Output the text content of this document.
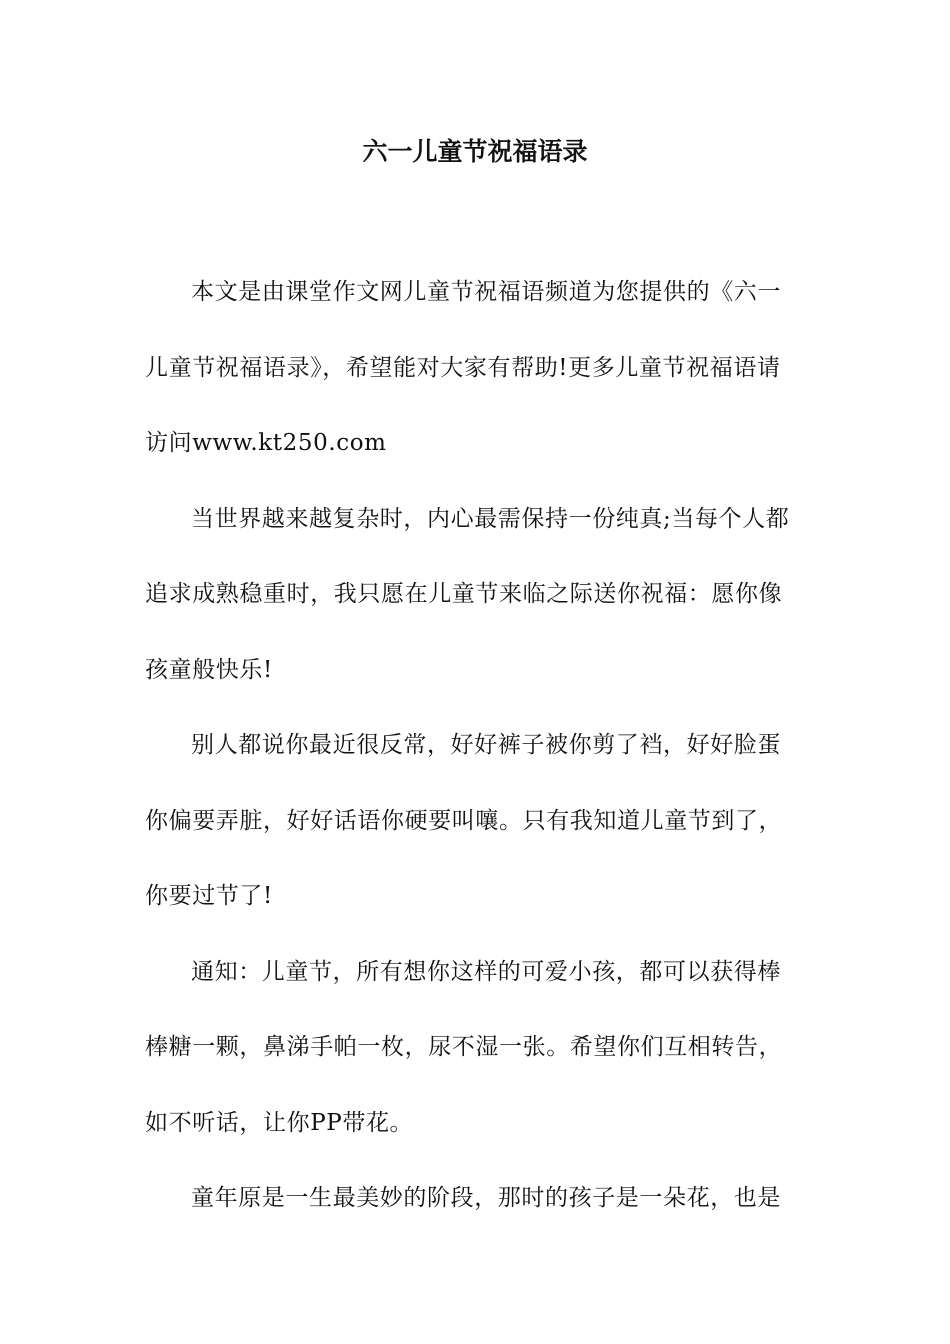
六一儿童节祝福语录

本文是由课堂作文网儿童节祝福语频道为您提供的《六一
儿童节祝福语录》，希望能对大家有帮助!更多儿童节祝福语请
访问www.kt250.com

当世界越来越复杂时，内心最需保持一份纯真;当每个人都
追求成熟稳重时，我只愿在儿童节来临之际送你祝福：愿你像
孩童般快乐!

别人都说你最近很反常，好好裤子被你剪了裆，好好脸蛋
你偏要弄脏，好好话语你硬要叫嚷。只有我知道儿童节到了，
你要过节了!

通知：儿童节，所有想你这样的可爱小孩，都可以获得棒
棒糖一颗，鼻涕手帕一枚，尿不湿一张。希望你们互相转告，
如不听话，让你PP带花。

童年原是一生最美妙的阶段，那时的孩子是一朵花，也是
